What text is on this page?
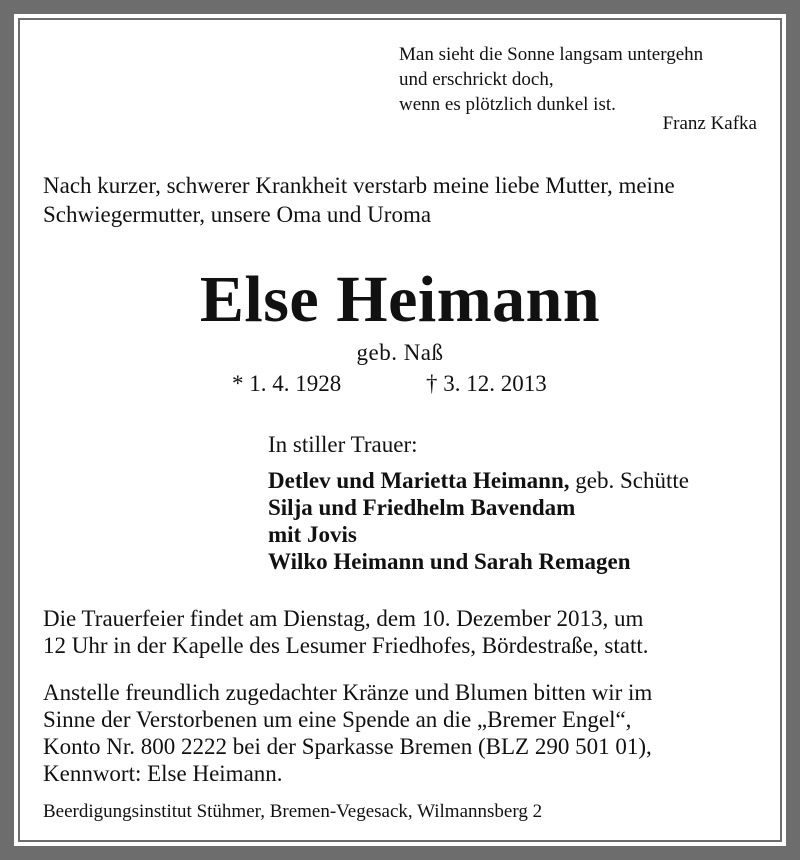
Man sieht die Sonne langsam untergehn
und erschrickt doch,
wenn es plötzlich dunkel ist.
Franz Kafka
Nach kurzer, schwerer Krankheit verstarb meine liebe Mutter, meine
Schwiegermutter, unsere Oma und Uroma
Else Heimann
geb. Naß
* 1. 4. 1928	† 3. 12. 2013
In stiller Trauer:
Detlev und Marietta Heimann, geb. Schütte
Silja und Friedhelm Bavendam
mit Jovis
Wilko Heimann und Sarah Remagen
Die Trauerfeier findet am Dienstag, dem 10. Dezember 2013, um
12 Uhr in der Kapelle des Lesumer Friedhofes, Bördestraße, statt.
Anstelle freundlich zugedachter Kränze und Blumen bitten wir im
Sinne der Verstorbenen um eine Spende an die „Bremer Engel“,
Konto Nr. 800 2222 bei der Sparkasse Bremen (BLZ 290 501 01),
Kennwort: Else Heimann.
Beerdigungsinstitut Stühmer, Bremen-Vegesack, Wilmannsberg 2
